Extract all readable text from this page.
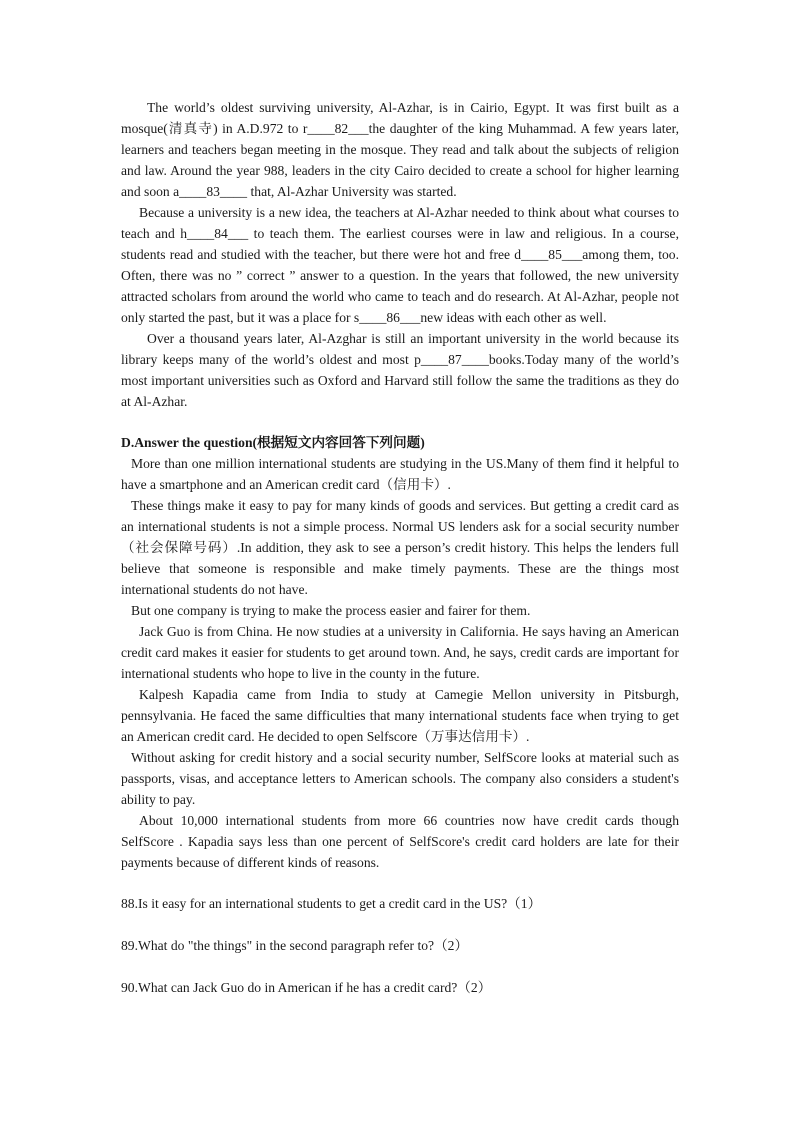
The world’s oldest surviving university, Al-Azhar, is in Cairio, Egypt. It was first built as a mosque(清真寺) in A.D.972 to r____82___the daughter of the king Muhammad. A few years later, learners and teachers began meeting in the mosque. They read and talk about the subjects of religion and law. Around the year 988, leaders in the city Cairo decided to create a school for higher learning and soon a____83____ that, Al-Azhar University was started.

Because a university is a new idea, the teachers at Al-Azhar needed to think about what courses to teach and h____84___ to teach them. The earliest courses were in law and religious. In a course, students read and studied with the teacher, but there were hot and free d____85___among them, too. Often, there was no ” correct ” answer to a question. In the years that followed, the new university attracted scholars from around the world who came to teach and do research. At Al-Azhar, people not only started the past, but it was a place for s____86___new ideas with each other as well.

Over a thousand years later, Al-Azghar is still an important university in the world because its library keeps many of the world’s oldest and most p____87____books.Today many of the world’s most important universities such as Oxford and Harvard still follow the same the traditions as they do at Al-Azhar.

D.Answer the question(根据短文内容回答下列问题)

More than one million international students are studying in the US.Many of them find it helpful to have a smartphone and an American credit card（信用卡）.

These things make it easy to pay for many kinds of goods and services. But getting a credit card as an international students is not a simple process. Normal US lenders ask for a social security number（社会保障号码）.In addition, they ask to see a person’s credit history. This helps the lenders full believe that someone is responsible and make timely payments. These are the things most international students do not have.

But one company is trying to make the process easier and fairer for them.

Jack Guo is from China. He now studies at a university in California. He says having an American credit card makes it easier for students to get around town. And, he says, credit cards are important for international students who hope to live in the county in the future.

Kalpesh Kapadia came from India to study at Camegie Mellon university in Pitsburgh, pennsylvania. He faced the same difficulties that many international students face when trying to get an American credit card. He decided to open Selfscore（万事达信用卡）.

Without asking for credit history and a social security number, SelfScore looks at material such as passports, visas, and acceptance letters to American schools. The company also considers a student's ability to pay.

About 10,000 international students from more 66 countries now have credit cards though SelfScore . Kapadia says less than one percent of SelfScore's credit card holders are late for their payments because of different kinds of reasons.

88.Is it easy for an international students to get a credit card in the US?（1）

89.What do "the things" in the second paragraph refer to?（2）

90.What can Jack Guo do in American if he has a credit card?（2）
